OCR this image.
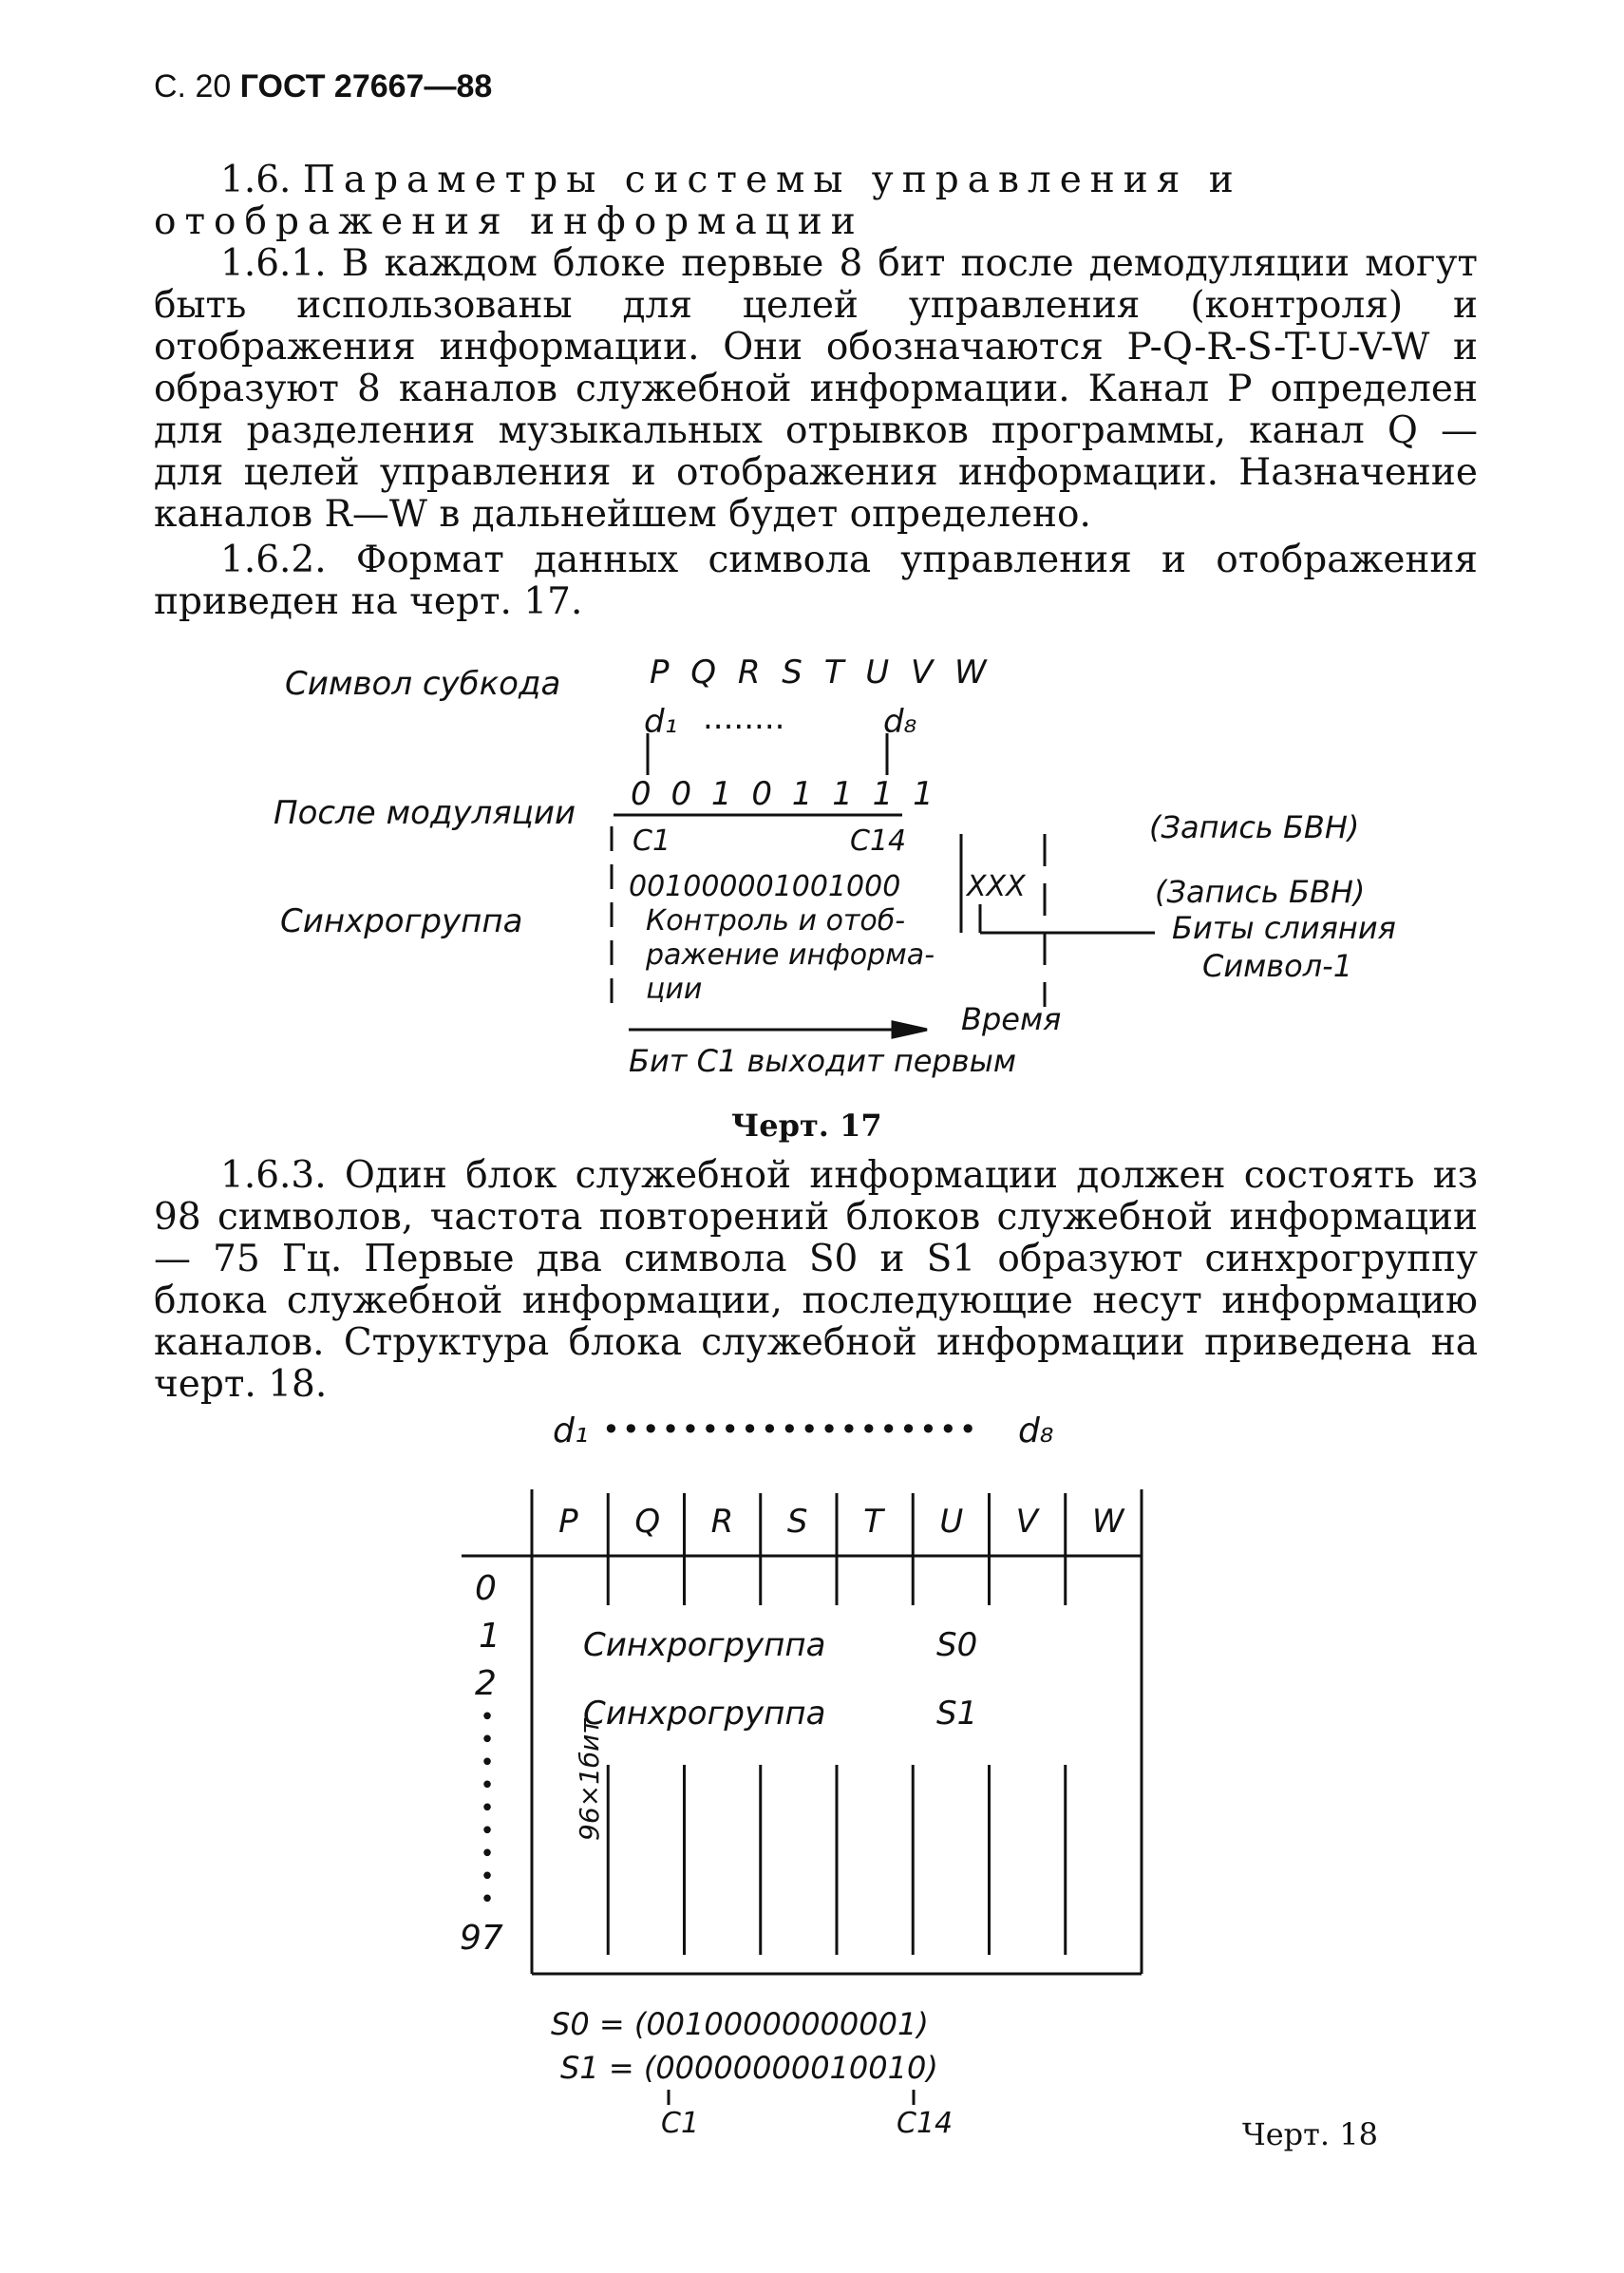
С. 20 ГОСТ 27667—88
1.6. Параметры системы управления и отображения информации
1.6.1. В каждом блоке первые 8 бит после демодуляции могут быть использованы для целей управления (контроля) и отображения информации. Они обозначаются P-Q-R-S-T-U-V-W и образуют 8 каналов служебной информации. Канал P определен для разделения музыкальных отрывков программы, канал Q — для целей управления и отображения информации. Назначение каналов R—W в дальнейшем будет определено.
1.6.2. Формат данных символа управления и отображения приведен на черт. 17.
Символ субкода
После модуляции
Синхрогруппа
P Q R S T U V W
d₁ ........	d₈
0 0 1 0 1 1 1 1
C1	C14
00100000100100​0 XXX
Контроль и отоб-
ражение информа-
ции
(Запись БВН)
(Запись БВН)
Биты слияния
Символ-1
Время
Бит C1 выходит первым
Черт. 17
1.6.3. Один блок служебной информации должен состоять из 98 символов, частота повторений блоков служебной информации — 75 Гц. Первые два символа S0 и S1 образуют синхрогруппу блока служебной информации, последующие несут информацию каналов. Структура блока служебной информации приведена на черт. 18.
d₁ ••••••••••••••••••• d₈
P Q R S T U V W
0
1
2
•
•
•
•
•
•
•
•
•
97
Синхрогруппа	S0
Синхрогруппа	S1
96×1бит
S0 = (00100000000001)
S1 = (00000000010010)
C1	C14	Черт. 18
